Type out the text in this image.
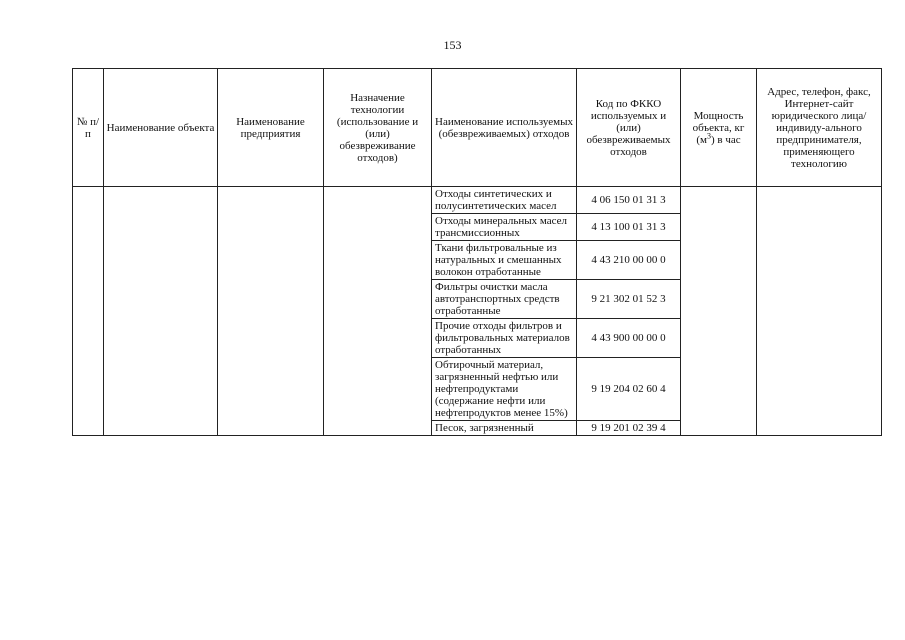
153
№ п/п	Наименование объекта	Наименование предприятия	Назначение технологии (использование и (или) обезвреживание отходов)	Наименование используемых (обезвреживаемых) отходов	Код по ФККО используемых и (или) обезвреживаемых отходов	Мощность объекта, кг $(м^3)$ в час	Адрес, телефон, факс, Интернет-сайт юридического лица/индивиду-ального предпринимателя, применяющего технологию
				Отходы синтетических и полусинтетических масел	4 06 150 01 31 3		
				Отходы минеральных масел трансмиссионных	4 13 100 01 31 3		
				Ткани фильтровальные из натуральных и смешанных волокон отработанные	4 43 210 00 00 0		
				Фильтры очистки масла автотранспортных средств отработанные	9 21 302 01 52 3		
				Прочие отходы фильтров и фильтровальных материалов отработанных	4 43 900 00 00 0		
				Обтирочный материал, загрязненный нефтью или нефтепродуктами (содержание нефти или нефтепродуктов менее 15%)	9 19 204 02 60 4		
				Песок, загрязненный	9 19 201 02 39 4		
